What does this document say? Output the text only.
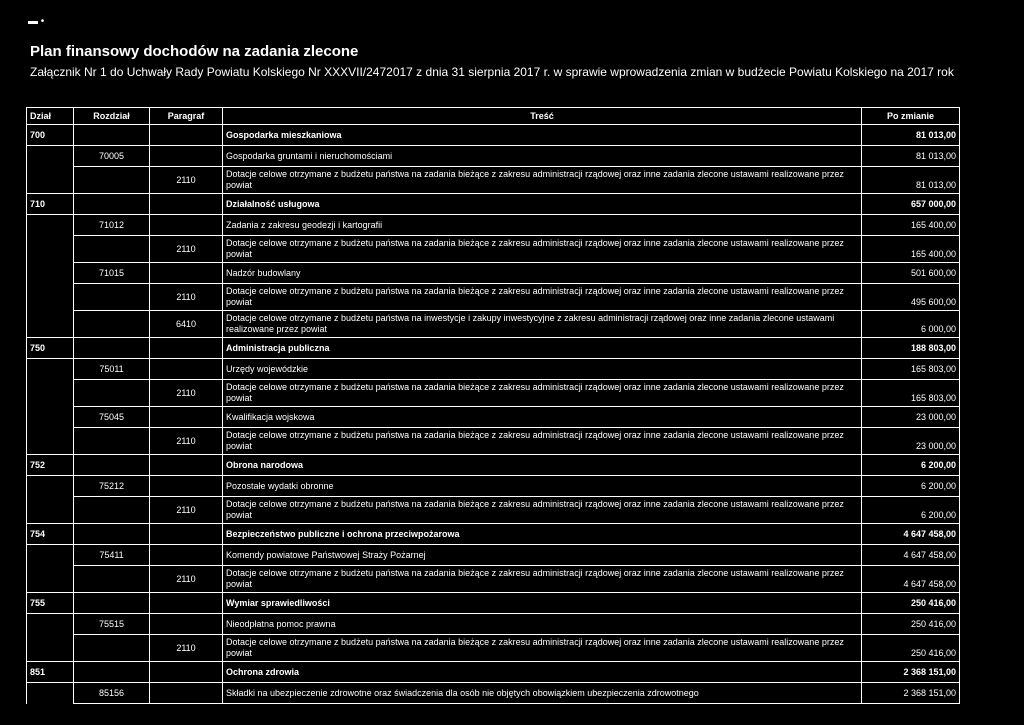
▬ •
Plan finansowy dochodów na zadania zlecone
Załącznik Nr 1 do Uchwały Rady Powiatu Kolskiego Nr XXXVII/2472017 z dnia 31 sierpnia 2017 r. w sprawie wprowadzenia zmian w budżecie Powiatu Kolskiego na 2017 rok
Dział	Rozdział	Paragraf	Treść	Po zmianie
700			Gospodarka mieszkaniowa	81 013,00
	70005		Gospodarka gruntami i nieruchomościami	81 013,00
		2110	Dotacje celowe otrzymane z budżetu państwa na zadania bieżące z zakresu administracji rządowej oraz inne zadania zlecone ustawami realizowane przez powiat	81 013,00
710			Działalność usługowa	657 000,00
	71012		Zadania z zakresu geodezji i kartografii	165 400,00
		2110	Dotacje celowe otrzymane z budżetu państwa na zadania bieżące z zakresu administracji rządowej oraz inne zadania zlecone ustawami realizowane przez powiat	165 400,00
	71015		Nadzór budowlany	501 600,00
		2110	Dotacje celowe otrzymane z budżetu państwa na zadania bieżące z zakresu administracji rządowej oraz inne zadania zlecone ustawami realizowane przez powiat	495 600,00
		6410	Dotacje celowe otrzymane z budżetu państwa na inwestycje i zakupy inwestycyjne z zakresu administracji rządowej oraz inne zadania zlecone ustawami realizowane przez powiat	6 000,00
750			Administracja publiczna	188 803,00
	75011		Urzędy wojewódzkie	165 803,00
		2110	Dotacje celowe otrzymane z budżetu państwa na zadania bieżące z zakresu administracji rządowej oraz inne zadania zlecone ustawami realizowane przez powiat	165 803,00
	75045		Kwalifikacja wojskowa	23 000,00
		2110	Dotacje celowe otrzymane z budżetu państwa na zadania bieżące z zakresu administracji rządowej oraz inne zadania zlecone ustawami realizowane przez powiat	23 000,00
752			Obrona narodowa	6 200,00
	75212		Pozostałe wydatki obronne	6 200,00
		2110	Dotacje celowe otrzymane z budżetu państwa na zadania bieżące z zakresu administracji rządowej oraz inne zadania zlecone ustawami realizowane przez powiat	6 200,00
754			Bezpieczeństwo publiczne i ochrona przeciwpożarowa	4 647 458,00
	75411		Komendy powiatowe Państwowej Straży Pożarnej	4 647 458,00
		2110	Dotacje celowe otrzymane z budżetu państwa na zadania bieżące z zakresu administracji rządowej oraz inne zadania zlecone ustawami realizowane przez powiat	4 647 458,00
755			Wymiar sprawiedliwości	250 416,00
	75515		Nieodpłatna pomoc prawna	250 416,00
		2110	Dotacje celowe otrzymane z budżetu państwa na zadania bieżące z zakresu administracji rządowej oraz inne zadania zlecone ustawami realizowane przez powiat	250 416,00
851			Ochrona zdrowia	2 368 151,00
	85156		Składki na ubezpieczenie zdrowotne oraz świadczenia dla osób nie objętych obowiązkiem ubezpieczenia zdrowotnego	2 368 151,00
